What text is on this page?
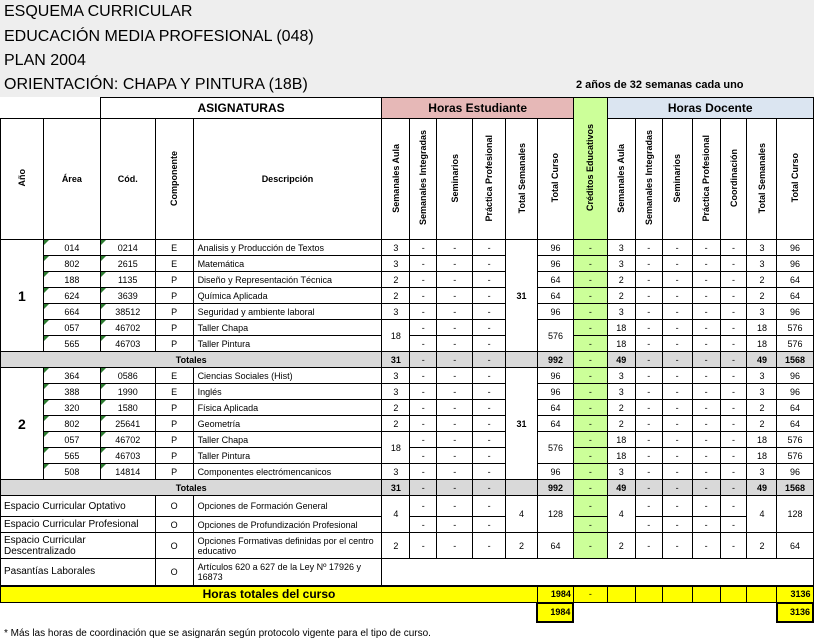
ESQUEMA CURRICULAR
EDUCACIÓN MEDIA PROFESIONAL (048)
PLAN 2004
ORIENTACIÓN: CHAPA Y PINTURA (18B)	2 años de 32 semanas cada uno
		ASIGNATURAS			Horas Estudiante						Créditos Educativos	Horas Docente						
Año	Área	Cód.	Componente	Descripción	Semanales Aula	Semanales Integradas	Seminarios	Práctica Profesional	Total Semanales	Total Curso		Semanales Aula	Semanales Integradas	Seminarios	Práctica Profesional	Coordinación	Total Semanales	Total Curso
1	014	0214	E	Analisis y Producción de Textos	3	-	-	-	31	96	-	3	-	-	-	-	3	96
	802	2615	E	Matemática	3	-	-	-		96	-	3	-	-	-	-	3	96
	188	1135	P	Diseño y Representación Técnica	2	-	-	-		64	-	2	-	-	-	-	2	64
	624	3639	P	Química Aplicada	2	-	-	-		64	-	2	-	-	-	-	2	64
	664	38512	P	Seguridad y ambiente laboral	3	-	-	-		96	-	3	-	-	-	-	3	96
	057	46702	P	Taller Chapa	18	-	-	-		576	-	18	-	-	-	-	18	576
	565	46703	P	Taller Pintura		-	-	-			-	18	-	-	-	-	18	576
Totales					31	-	-	-		992	-	49	-	-	-	-	49	1568
2	364	0586	E	Ciencias Sociales (Hist)	3	-	-	-	31	96	-	3	-	-	-	-	3	96
	388	1990	E	Inglés	3	-	-	-		96	-	3	-	-	-	-	3	96
	320	1580	P	Física Aplicada	2	-	-	-		64	-	2	-	-	-	-	2	64
	802	25641	P	Geometría	2	-	-	-		64	-	2	-	-	-	-	2	64
	057	46702	P	Taller Chapa	18	-	-	-		576	-	18	-	-	-	-	18	576
	565	46703	P	Taller Pintura		-	-	-			-	18	-	-	-	-	18	576
	508	14814	P	Componentes electrómencanicos	3	-	-	-		96	-	3	-	-	-	-	3	96
Totales					31	-	-	-		992	-	49	-	-	-	-	49	1568
Espacio Curricular Optativo			O	Opciones de Formación General	4	-	-	-	4	128	-	4	-	-	-	-	4	128
Espacio Curricular Profesional			O	Opciones de Profundización Profesional		-	-	-			-		-	-	-	-		
Espacio Curricular Descentralizado			O	Opciones Formativas definidas por el centro educativo	2	-	-	-	2	64	-	2	-	-	-	-	2	64
Pasantías Laborales			O	Artículos 620 a 627 de la Ley Nº 17926 y 16873														
Horas totales del curso										1984	-							3136
										1984								3136
* Más las horas de coordinación que se asignarán según protocolo vigente para el tipo de curso.
